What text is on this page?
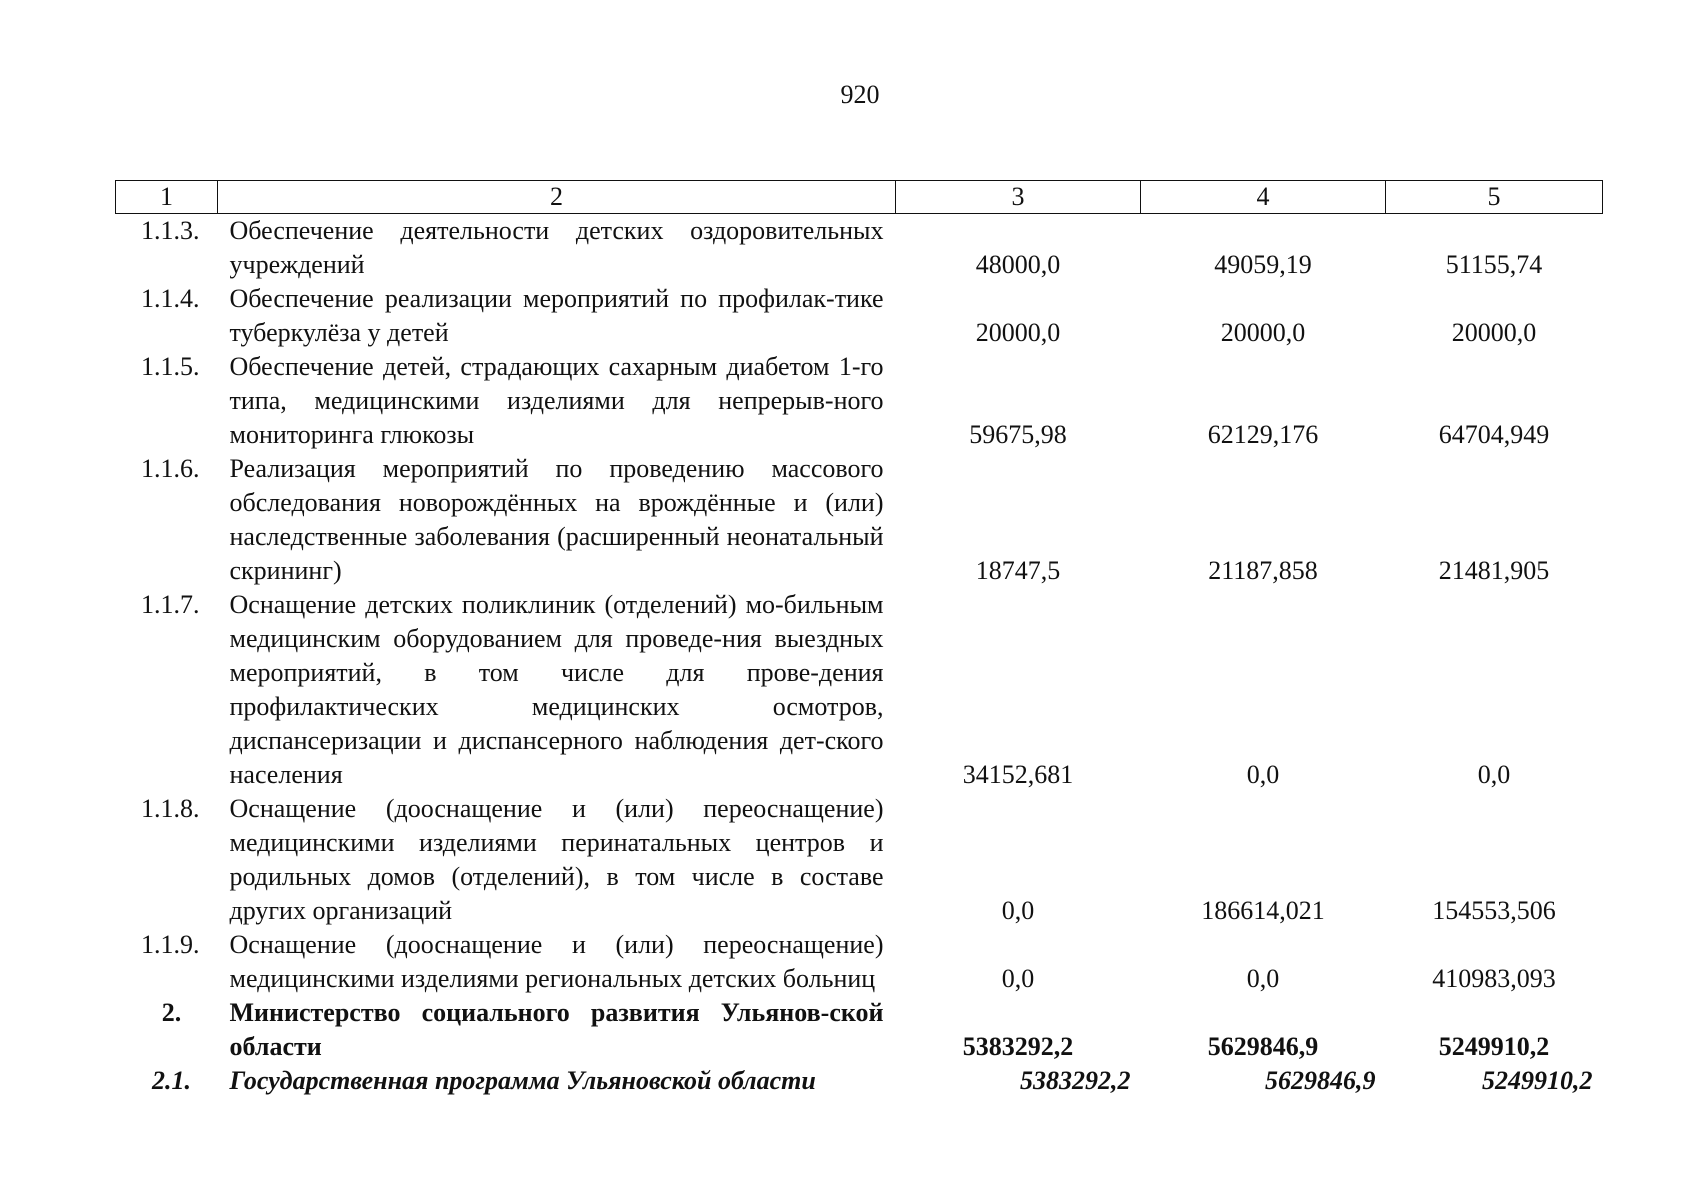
920
1	2	3	4	5
1.1.3.	Обеспечение деятельности детских оздоровительных учреждений	48000,0	49059,19	51155,74
1.1.4.	Обеспечение реализации мероприятий по профилак-тике туберкулёза у детей	20000,0	20000,0	20000,0
1.1.5.	Обеспечение детей, страдающих сахарным диабетом 1-го типа, медицинскими изделиями для непрерыв-ного мониторинга глюкозы	59675,98	62129,176	64704,949
1.1.6.	Реализация мероприятий по проведению массового обследования новорождённых на врождённые и (или) наследственные заболевания (расширенный неонатальный скрининг)	18747,5	21187,858	21481,905
1.1.7.	Оснащение детских поликлиник (отделений) мо-бильным медицинским оборудованием для проведе-ния выездных мероприятий, в том числе для прове-дения профилактических медицинских осмотров, диспансеризации и диспансерного наблюдения дет-ского населения	34152,681	0,0	0,0
1.1.8.	Оснащение (дооснащение и (или) переоснащение) медицинскими изделиями перинатальных центров и родильных домов (отделений), в том числе в составе других организаций	0,0	186614,021	154553,506
1.1.9.	Оснащение (дооснащение и (или) переоснащение) медицинскими изделиями региональных детских больниц	0,0	0,0	410983,093
2.	Министерство социального развития Ульянов-ской области	5383292,2	5629846,9	5249910,2
2.1.	Государственная программа Ульяновской области	5383292,2	5629846,9	5249910,2
